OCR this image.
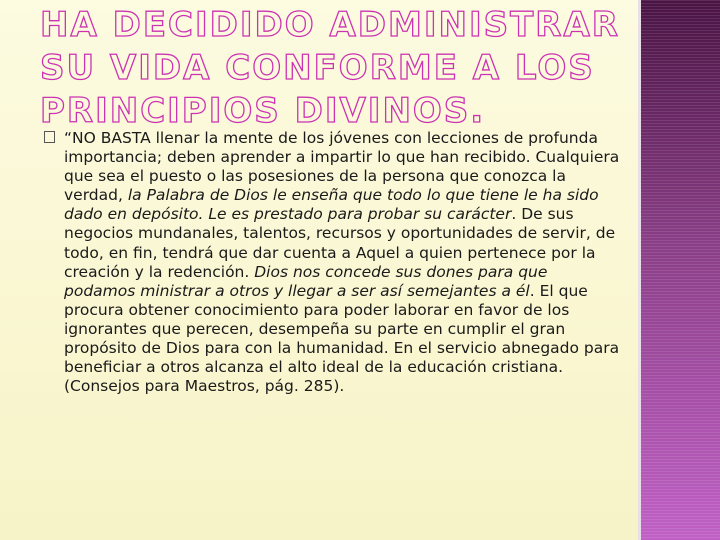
HA DECIDIDO ADMINISTRAR SU VIDA CONFORME A LOS PRINCIPIOS DIVINOS.

“NO BASTA llenar la mente de los jóvenes con lecciones de profunda importancia; deben aprender a impartir lo que han recibido. Cualquiera que sea el puesto o las posesiones de la persona que conozca la verdad, la Palabra de Dios le enseña que todo lo que tiene le ha sido dado en depósito. Le es prestado para probar su carácter. De sus negocios mundanales, talentos, recursos y oportunidades de servir, de todo, en fin, tendrá que dar cuenta a Aquel a quien pertenece por la creación y la redención. Dios nos concede sus dones para que podamos ministrar a otros y llegar a ser así semejantes a él. El que procura obtener conocimiento para poder laborar en favor de los ignorantes que perecen, desempeña su parte en cumplir el gran propósito de Dios para con la humanidad. En el servicio abnegado para beneficiar a otros alcanza el alto ideal de la educación cristiana. (Consejos para Maestros, pág. 285).
